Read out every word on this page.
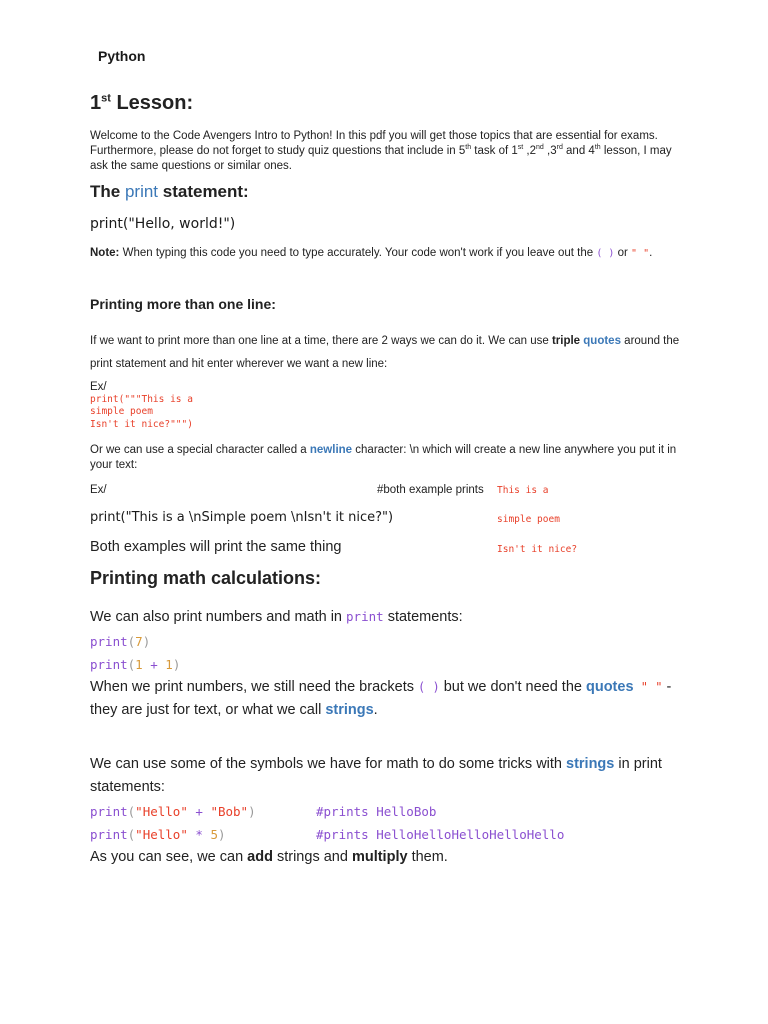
Python
1st Lesson:
Welcome to the Code Avengers Intro to Python! In this pdf you will get those topics that are essential for exams.
Furthermore, please do not forget to study quiz questions that include in 5th task of 1st ,2nd ,3rd and 4th lesson, I may
ask the same questions or similar ones.
The print statement:
print("Hello, world!")
Note: When typing this code you need to type accurately. Your code won't work if you leave out the ( ) or " ".
Printing more than one line:
If we want to print more than one line at a time, there are 2 ways we can do it. We can use triple quotes around the
print statement and hit enter wherever we want a new line:
Ex/
print("""This is a
simple poem
Isn't it nice?""")
Or we can use a special character called a newline character: \n which will create a new line anywhere you put it in
your text:
Ex/	#both example prints This is a
print("This is a \nSimple poem \nIsn't it nice?")	simple poem
Both examples will print the same thing	Isn't it nice?
Printing math calculations:
We can also print numbers and math in print statements:
print(7)
print(1 + 1)
When we print numbers, we still need the brackets ( ) but we don't need the quotes " " -
they are just for text, or what we call strings.
We can use some of the symbols we have for math to do some tricks with strings in print
statements:
print("Hello" + "Bob")	#prints HelloBob
print("Hello" * 5)	#prints HelloHelloHelloHelloHello
As you can see, we can add strings and multiply them.
